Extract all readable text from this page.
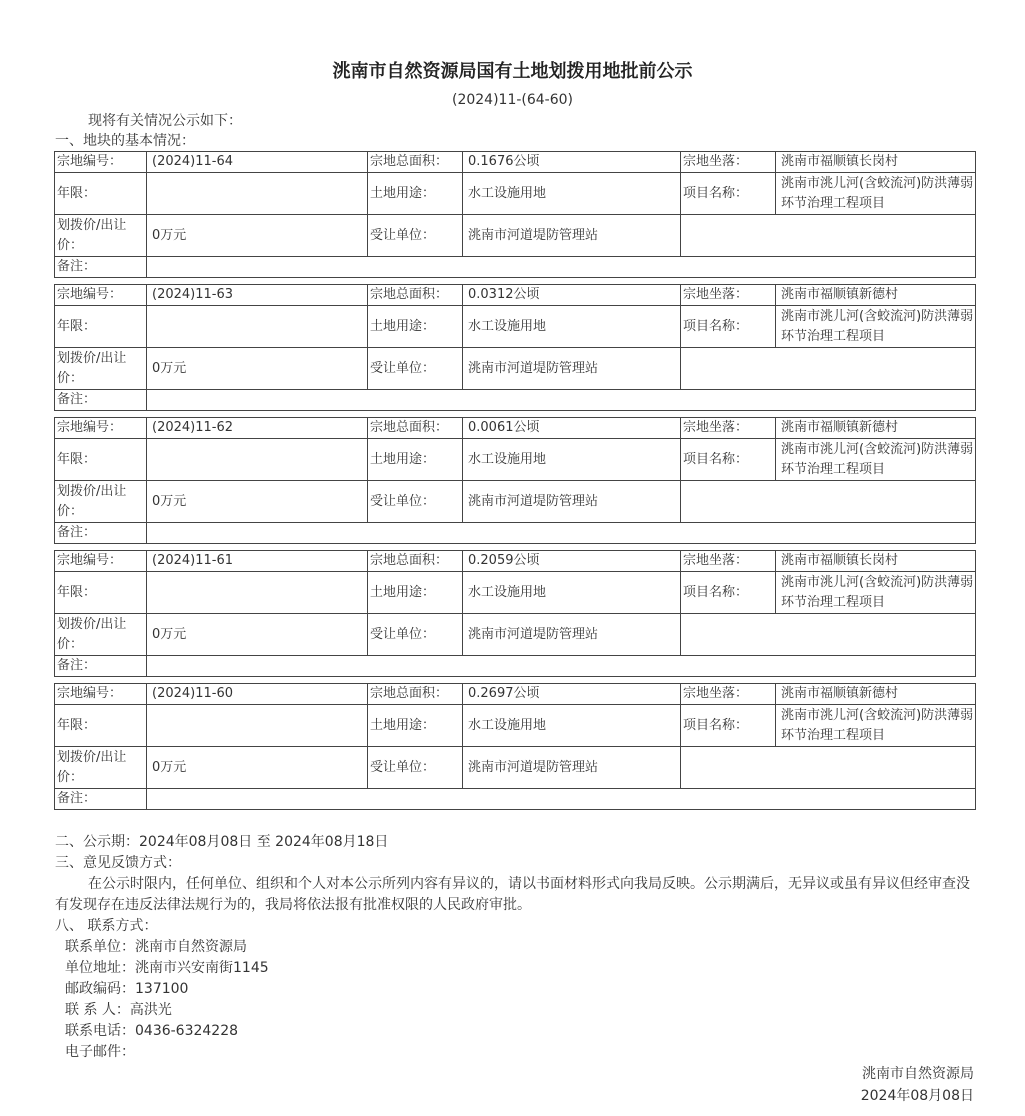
洮南市自然资源局国有土地划拨用地批前公示
(2024)11-(64-60)
现将有关情况公示如下：
一、地块的基本情况：
宗地编号：	(2024)11-64	宗地总面积：	0.1676公顷	宗地坐落：	洮南市福顺镇长岗村
年限：		土地用途：	水工设施用地	项目名称：	洮南市洮儿河(含蛟流河)防洪薄弱环节治理工程项目
划拨价/出让价：	0万元	受让单位：	洮南市河道堤防管理站		
备注：					
宗地编号：	(2024)11-63	宗地总面积：	0.0312公顷	宗地坐落：	洮南市福顺镇新德村
年限：		土地用途：	水工设施用地	项目名称：	洮南市洮儿河(含蛟流河)防洪薄弱环节治理工程项目
划拨价/出让价：	0万元	受让单位：	洮南市河道堤防管理站		
备注：					
宗地编号：	(2024)11-62	宗地总面积：	0.0061公顷	宗地坐落：	洮南市福顺镇新德村
年限：		土地用途：	水工设施用地	项目名称：	洮南市洮儿河(含蛟流河)防洪薄弱环节治理工程项目
划拨价/出让价：	0万元	受让单位：	洮南市河道堤防管理站		
备注：					
宗地编号：	(2024)11-61	宗地总面积：	0.2059公顷	宗地坐落：	洮南市福顺镇长岗村
年限：		土地用途：	水工设施用地	项目名称：	洮南市洮儿河(含蛟流河)防洪薄弱环节治理工程项目
划拨价/出让价：	0万元	受让单位：	洮南市河道堤防管理站		
备注：					
宗地编号：	(2024)11-60	宗地总面积：	0.2697公顷	宗地坐落：	洮南市福顺镇新德村
年限：		土地用途：	水工设施用地	项目名称：	洮南市洮儿河(含蛟流河)防洪薄弱环节治理工程项目
划拨价/出让价：	0万元	受让单位：	洮南市河道堤防管理站		
备注：					

二、公示期：2024年08月08日 至 2024年08月18日

三、意见反馈方式：

在公示时限内，任何单位、组织和个人对本公示所列内容有异议的，请以书面材料形式向我局反映。公示期满后，无异议或虽有异议但经审查没有发现存在违反法律法规行为的，我局将依法报有批准权限的人民政府审批。

八、 联系方式：

联系单位：洮南市自然资源局

单位地址：洮南市兴安南街1145

邮政编码：137100

联 系 人：高洪光

联系电话：0436-6324228

电子邮件：

洮南市自然资源局
2024年08月08日
